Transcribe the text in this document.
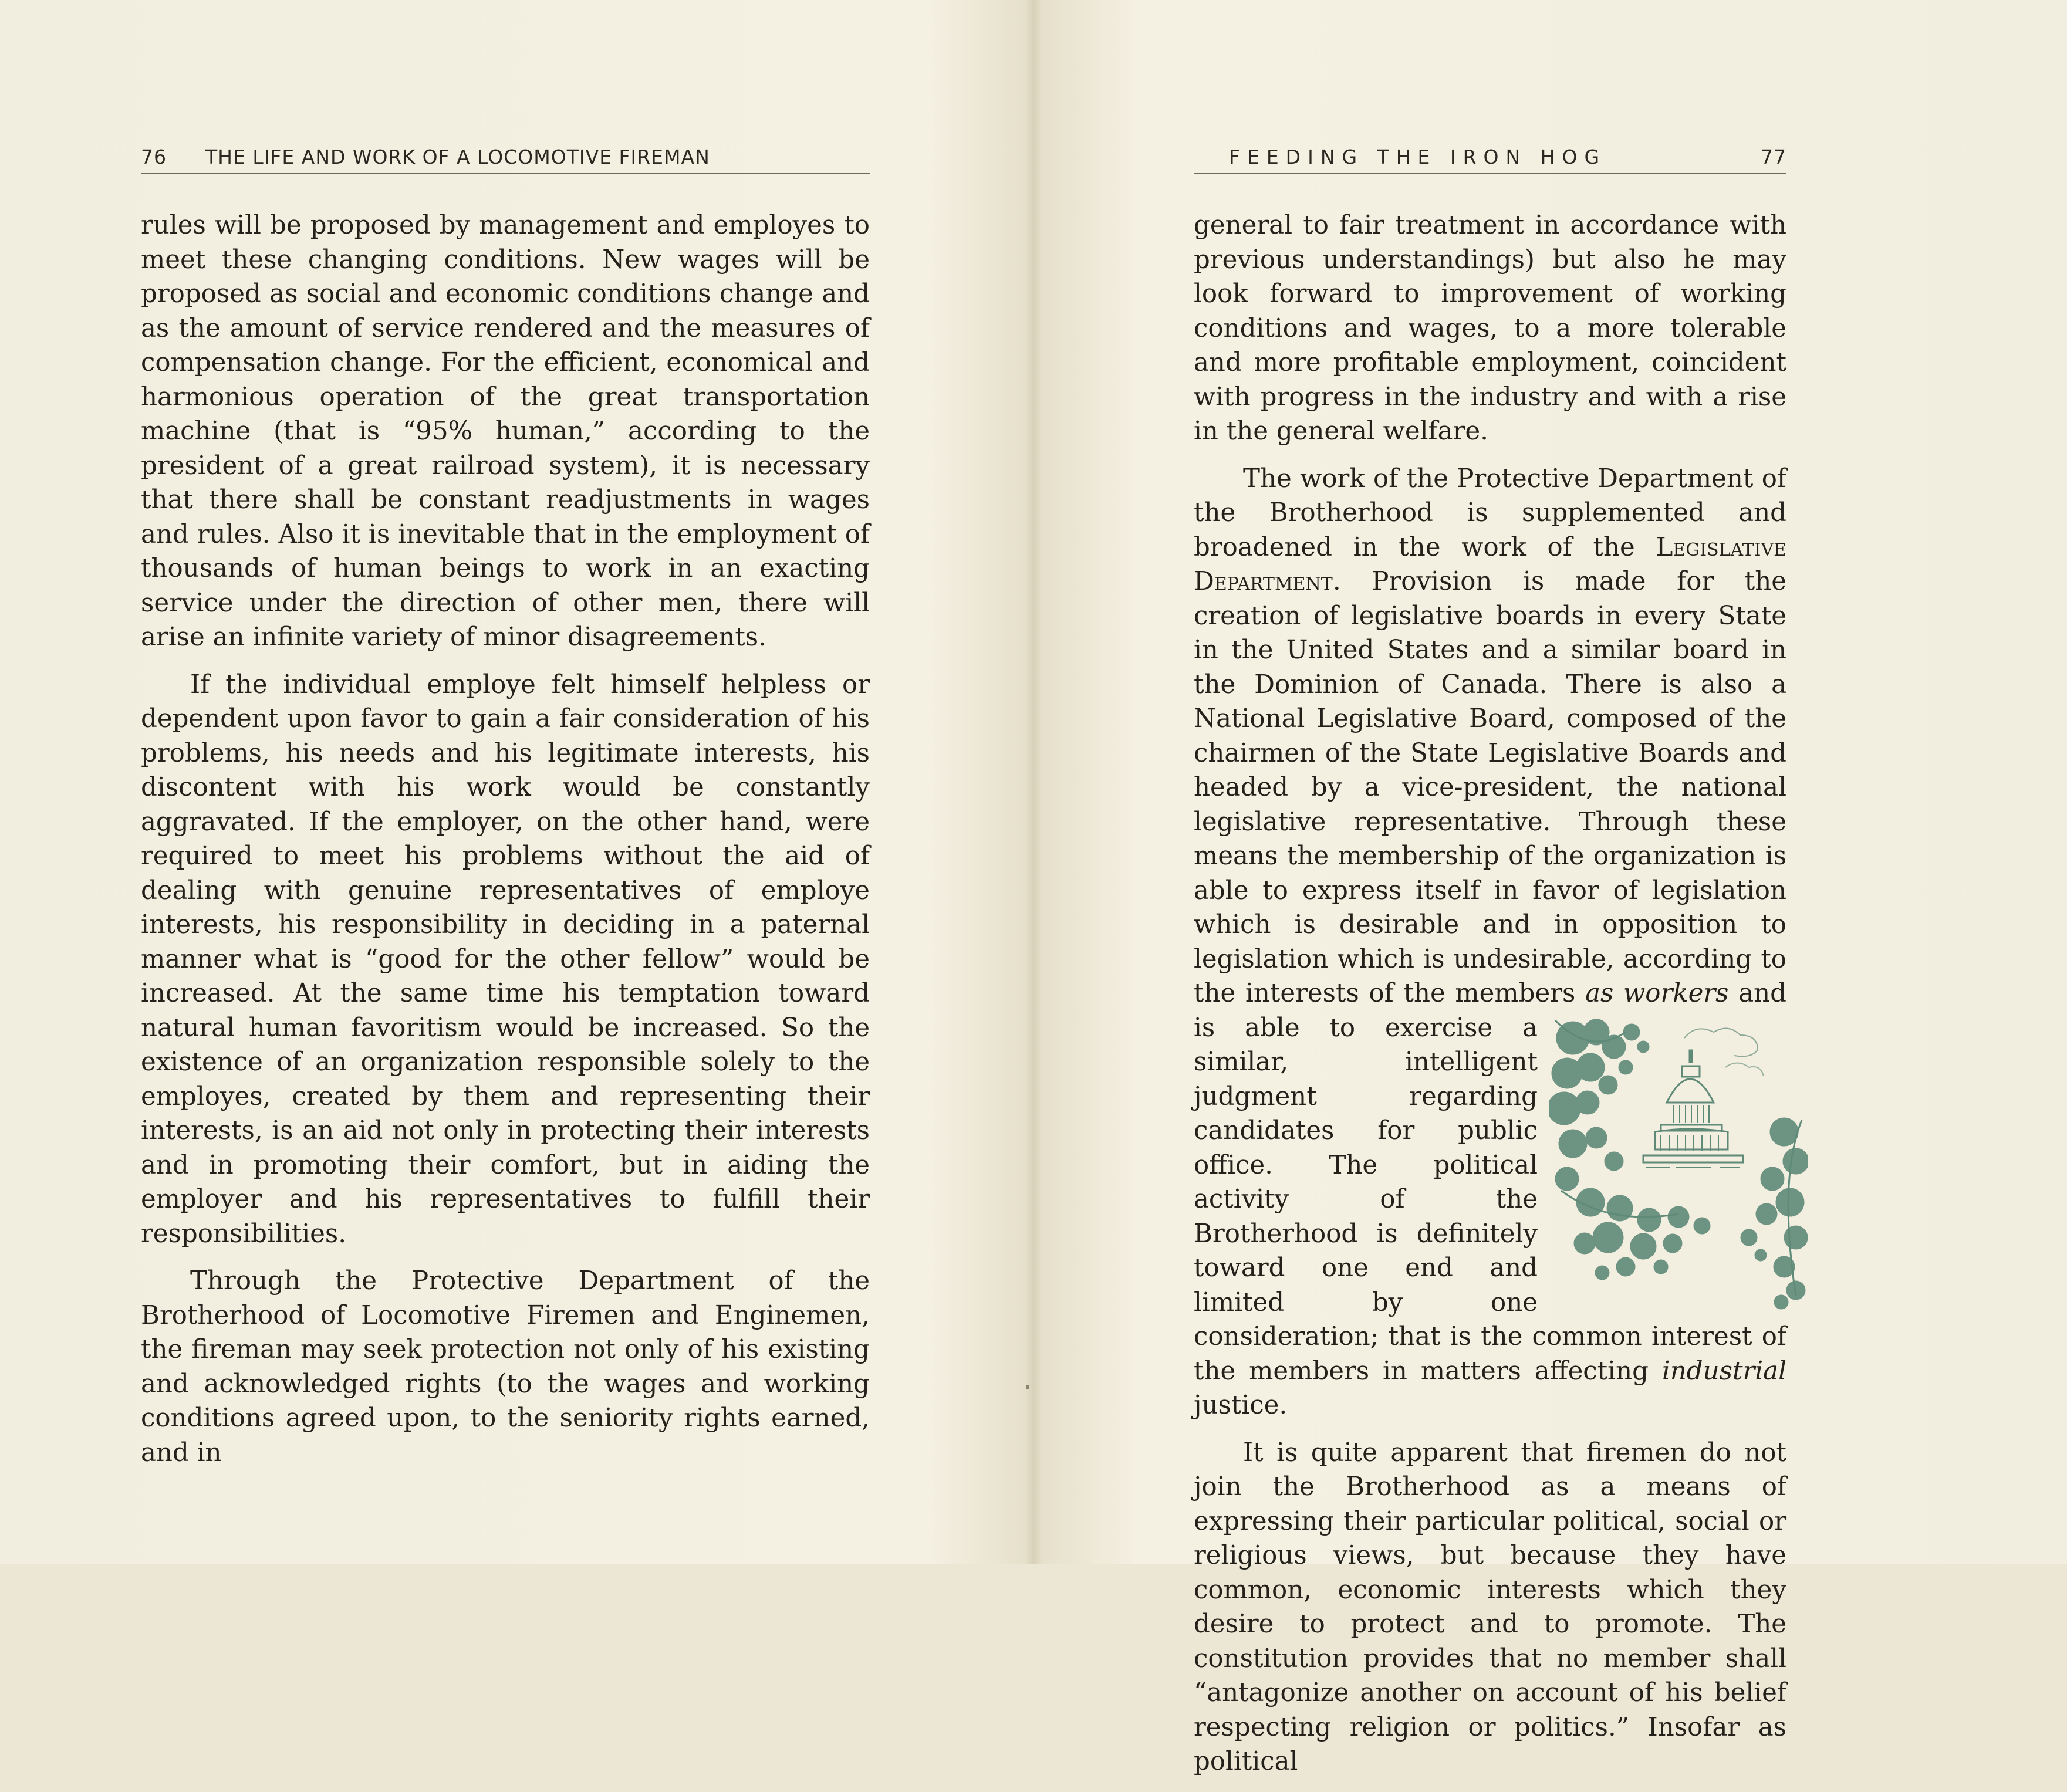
76 THE LIFE AND WORK OF A LOCOMOTIVE FIREMAN

rules will be proposed by management and employes to meet these changing conditions. New wages will be proposed as social and economic conditions change and as the amount of service rendered and the measures of compensation change. For the efficient, economical and harmonious operation of the great transportation machine (that is “95% human,” according to the president of a great railroad system), it is necessary that there shall be constant readjustments in wages and rules. Also it is inevitable that in the employment of thousands of human beings to work in an exacting service under the direction of other men, there will arise an infinite variety of minor disagreements.

If the individual employe felt himself helpless or dependent upon favor to gain a fair consideration of his problems, his needs and his legitimate interests, his discontent with his work would be constantly aggravated. If the employer, on the other hand, were required to meet his problems without the aid of dealing with genuine representatives of employe interests, his responsibility in deciding in a paternal manner what is “good for the other fellow” would be increased. At the same time his temptation toward natural human favoritism would be increased. So the existence of an organization responsible solely to the employes, created by them and representing their interests, is an aid not only in protecting their interests and in promoting their comfort, but in aiding the employer and his representatives to fulfill their responsibilities.

Through the Protective Department of the Brotherhood of Locomotive Firemen and Enginemen, the fireman may seek protection not only of his existing and acknowledged rights (to the wages and working conditions agreed upon, to the seniority rights earned, and in

FEEDING THE IRON HOG	77

general to fair treatment in accordance with previous understandings) but also he may look forward to improvement of working conditions and wages, to a more tolerable and more profitable employment, coincident with progress in the industry and with a rise in the general welfare.

The work of the Protective Department of the Brotherhood is supplemented and broadened in the work of the Legislative Department. Provision is made for the creation of legislative boards in every State in the United States and a similar board in the Dominion of Canada. There is also a National Legislative Board, composed of the chairmen of the State Legislative Boards and headed by a vice-president, the national legislative representative. Through these means the membership of the organization is able to express itself in favor of legislation which is desirable and in opposition to legislation which is undesirable, according to the interests of the members as workers and is able to exercise a similar, intelligent judgment regarding candidates for public office. The political activity of the Brotherhood is definitely toward one end and limited by one consideration; that is the common interest of the members in matters affecting industrial justice.

It is quite apparent that firemen do not join the Brotherhood as a means of expressing their particular political, social or religious views, but because they have common, economic interests which they desire to protect and to promote. The constitution provides that no member shall “antagonize another on account of his belief respecting religion or politics.” Insofar as political
